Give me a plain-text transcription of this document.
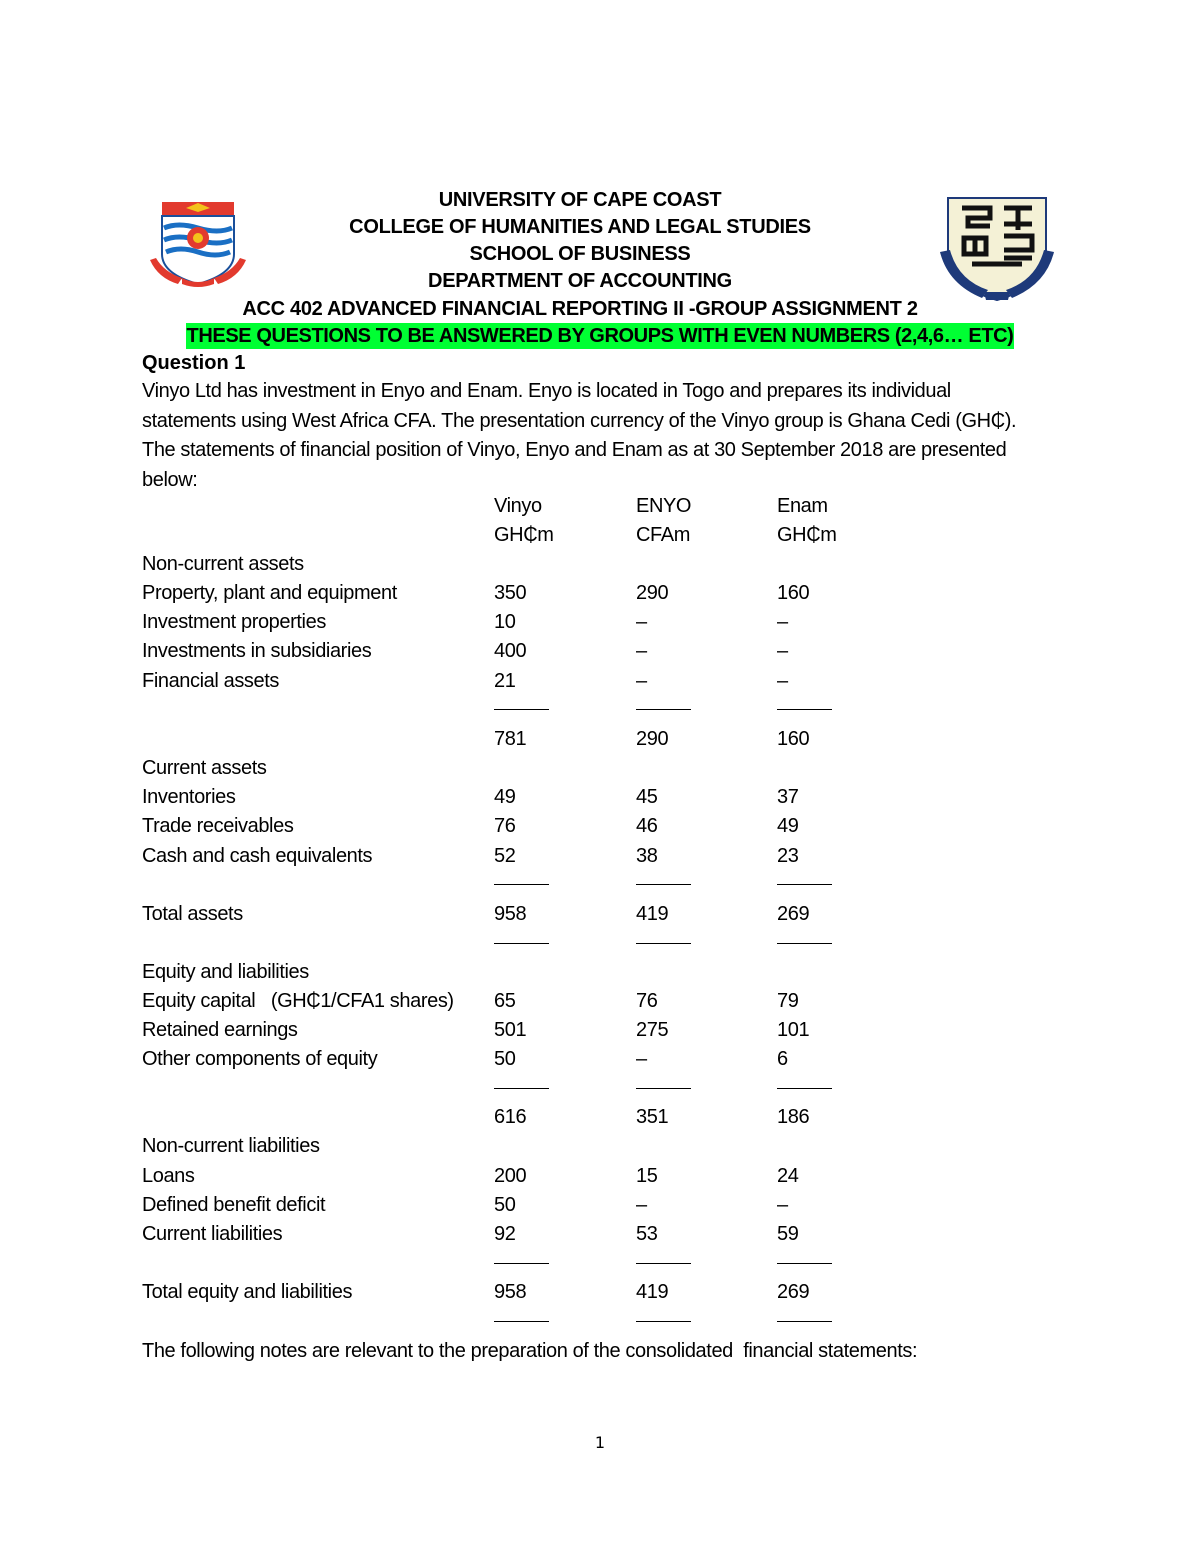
UNIVERSITY OF CAPE COAST
COLLEGE OF HUMANITIES AND LEGAL STUDIES
SCHOOL OF BUSINESS
DEPARTMENT OF ACCOUNTING
ACC 402 ADVANCED FINANCIAL REPORTING II -GROUP ASSIGNMENT 2
THESE QUESTIONS TO BE ANSWERED BY GROUPS WITH EVEN NUMBERS (2,4,6… ETC)
Question 1
Vinyo Ltd has investment in Enyo and Enam. Enyo is located in Togo and prepares its individual statements using West Africa CFA. The presentation currency of the Vinyo group is Ghana Cedi (GH₵). The statements of financial position of Vinyo, Enyo and Enam as at 30 September 2018 are presented below:
Vinyo	ENYO	Enam
GH₵m	CFAm	GH₵m
Non-current assets
Property, plant and equipment	350	290	160
Investment properties	10	–	–
Investments in subsidiaries	400	–	–
Financial assets	21	–	–
781	290	160
Current assets
Inventories	49	45	37
Trade receivables	76	46	49
Cash and cash equivalents	52	38	23
Total assets	958	419	269
Equity and liabilities
Equity capital   (GH₵1/CFA1 shares) 65	76	79
Retained earnings	501	275	101
Other components of equity	50	–	6
616	351	186
Non-current liabilities
Loans	200	15	24
Defined benefit deficit	50	–	–
Current liabilities	92	53	59
Total equity and liabilities	958	419	269
The following notes are relevant to the preparation of the consolidated  financial statements:
1
